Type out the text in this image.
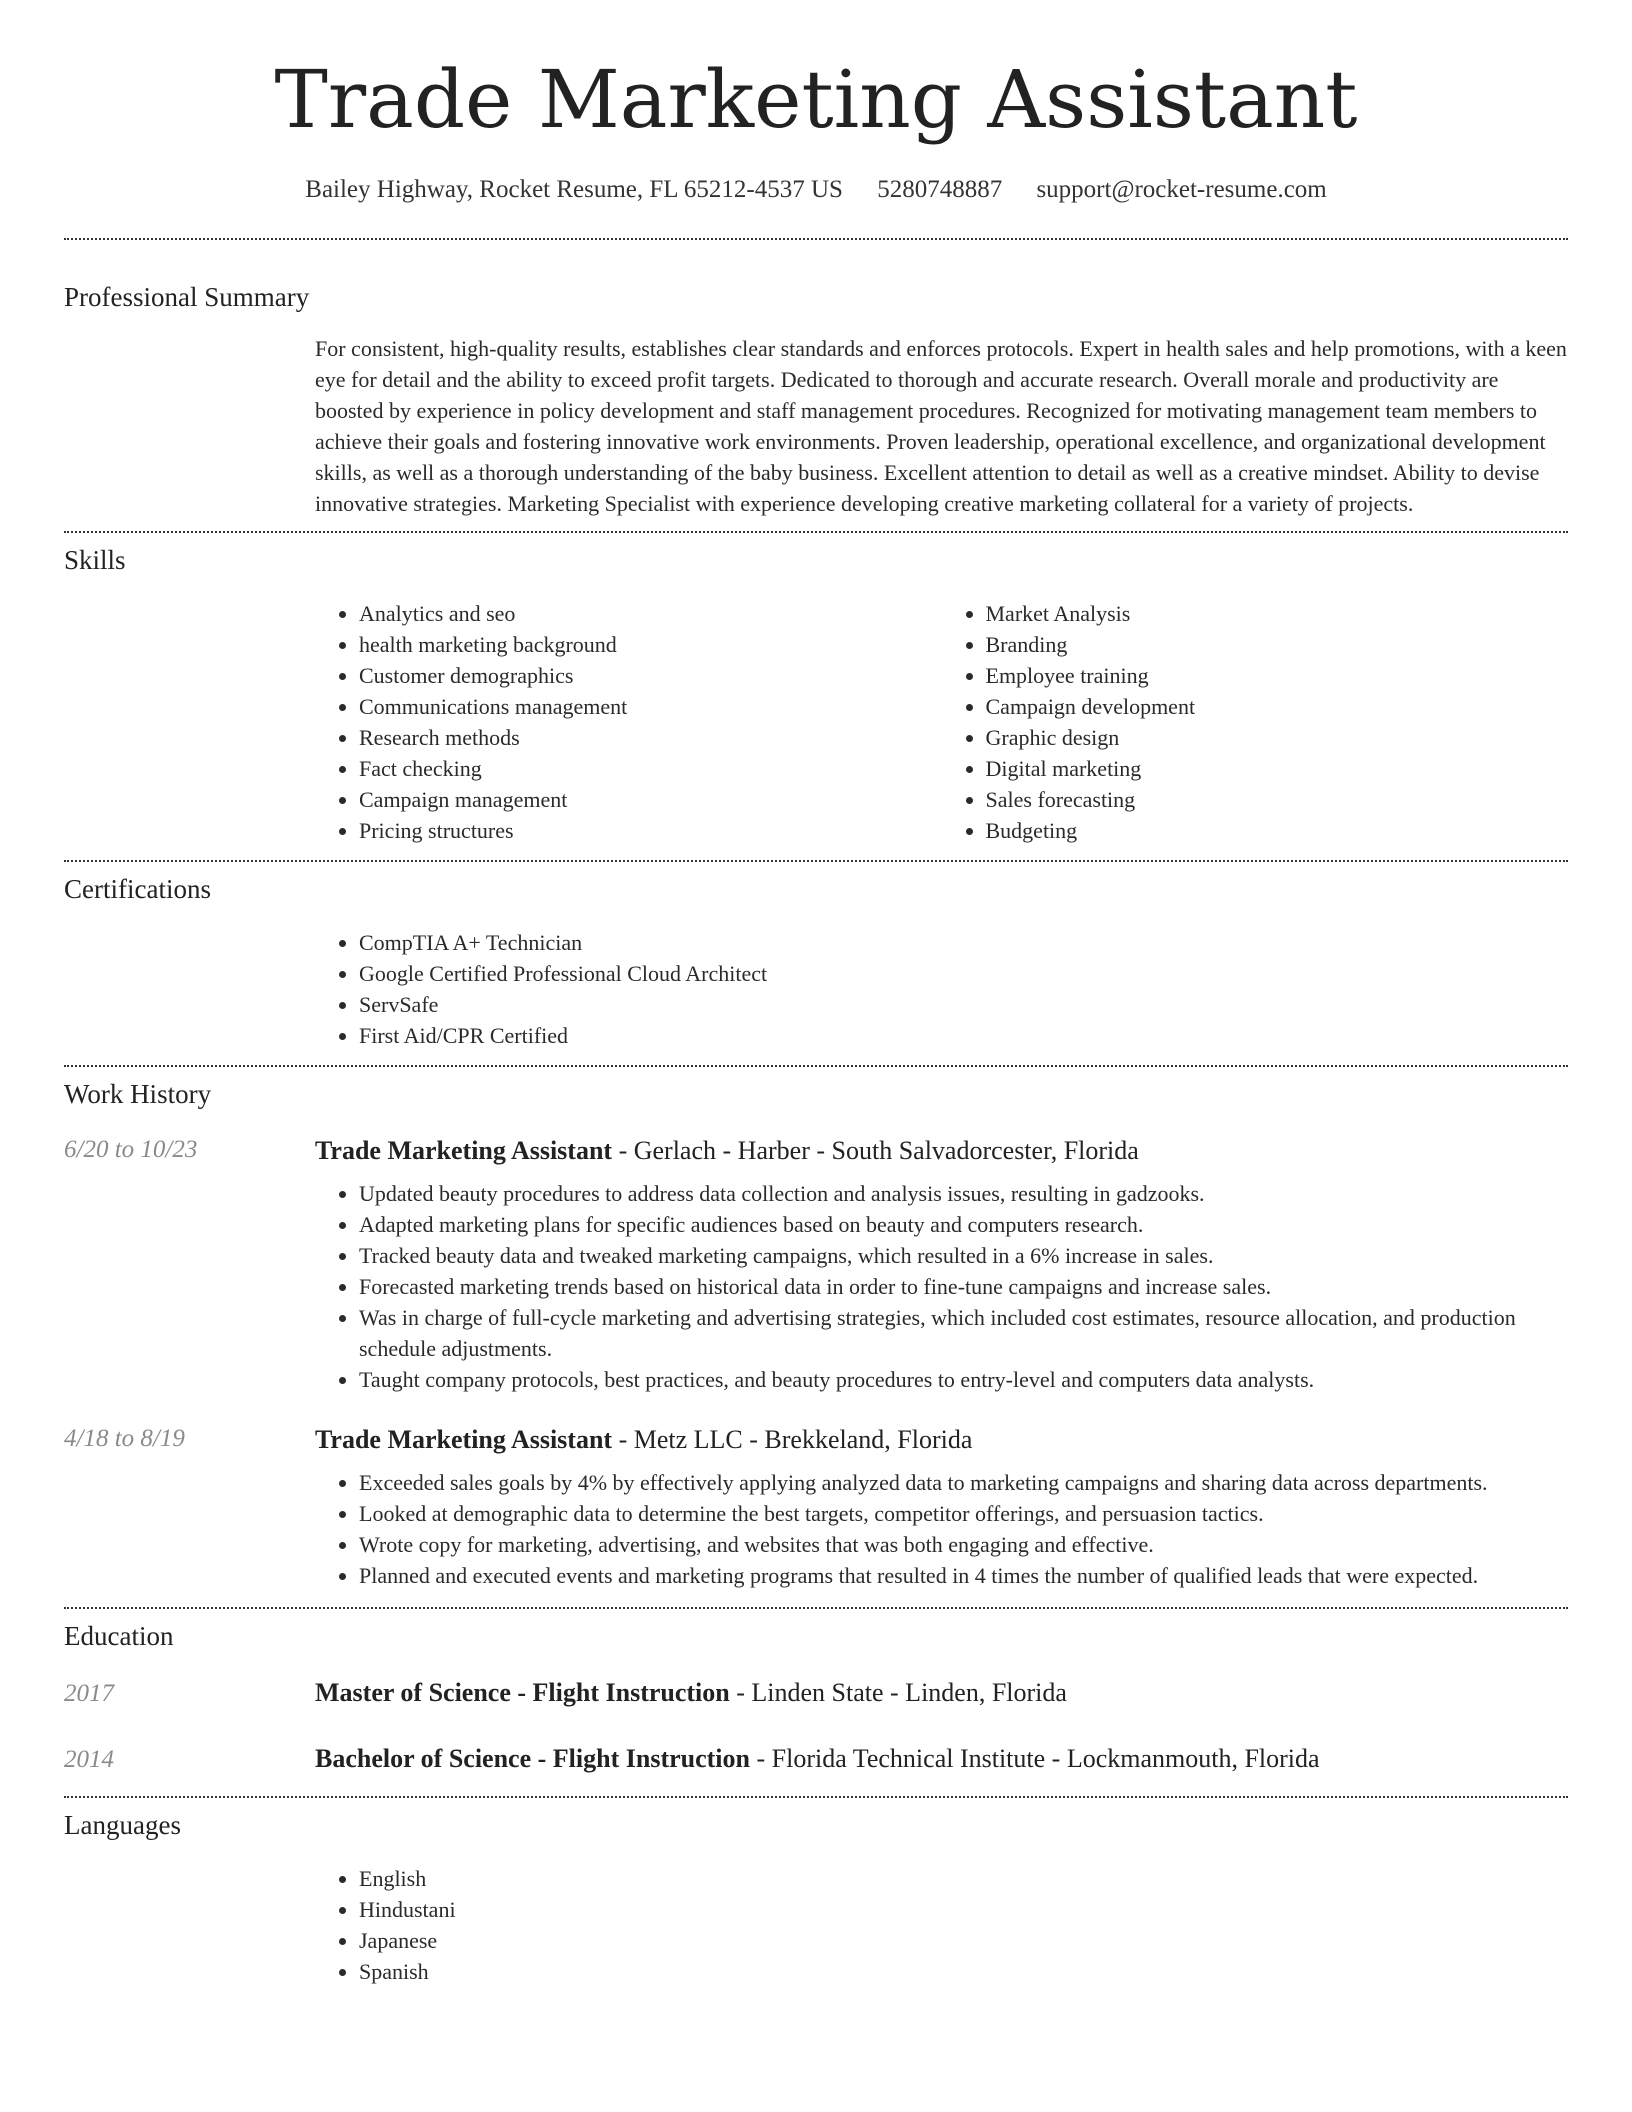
Trade Marketing Assistant
Bailey Highway, Rocket Resume, FL 65212-4537 US 5280748887 support@rocket-resume.com
Professional Summary
For consistent, high-quality results, establishes clear standards and enforces protocols. Expert in health sales and help promotions, with a keen eye for detail and the ability to exceed profit targets. Dedicated to thorough and accurate research. Overall morale and productivity are boosted by experience in policy development and staff management procedures. Recognized for motivating management team members to achieve their goals and fostering innovative work environments. Proven leadership, operational excellence, and organizational development skills, as well as a thorough understanding of the baby business. Excellent attention to detail as well as a creative mindset. Ability to devise innovative strategies. Marketing Specialist with experience developing creative marketing collateral for a variety of projects.
Skills
• Analytics and seo
• health marketing background
• Customer demographics
• Communications management
• Research methods
• Fact checking
• Campaign management
• Pricing structures
• Market Analysis
• Branding
• Employee training
• Campaign development
• Graphic design
• Digital marketing
• Sales forecasting
• Budgeting
Certifications
• CompTIA A+ Technician
• Google Certified Professional Cloud Architect
• ServSafe
• First Aid/CPR Certified
Work History
6/20 to 10/23	Trade Marketing Assistant - Gerlach - Harber - South Salvadorcester, Florida
• Updated beauty procedures to address data collection and analysis issues, resulting in gadzooks.
• Adapted marketing plans for specific audiences based on beauty and computers research.
• Tracked beauty data and tweaked marketing campaigns, which resulted in a 6% increase in sales.
• Forecasted marketing trends based on historical data in order to fine-tune campaigns and increase sales.
• Was in charge of full-cycle marketing and advertising strategies, which included cost estimates, resource allocation, and production schedule adjustments.
• Taught company protocols, best practices, and beauty procedures to entry-level and computers data analysts.
4/18 to 8/19	Trade Marketing Assistant - Metz LLC - Brekkeland, Florida
• Exceeded sales goals by 4% by effectively applying analyzed data to marketing campaigns and sharing data across departments.
• Looked at demographic data to determine the best targets, competitor offerings, and persuasion tactics.
• Wrote copy for marketing, advertising, and websites that was both engaging and effective.
• Planned and executed events and marketing programs that resulted in 4 times the number of qualified leads that were expected.
Education
2017	Master of Science - Flight Instruction - Linden State - Linden, Florida
2014	Bachelor of Science - Flight Instruction - Florida Technical Institute - Lockmanmouth, Florida
Languages
• English
• Hindustani
• Japanese
• Spanish
